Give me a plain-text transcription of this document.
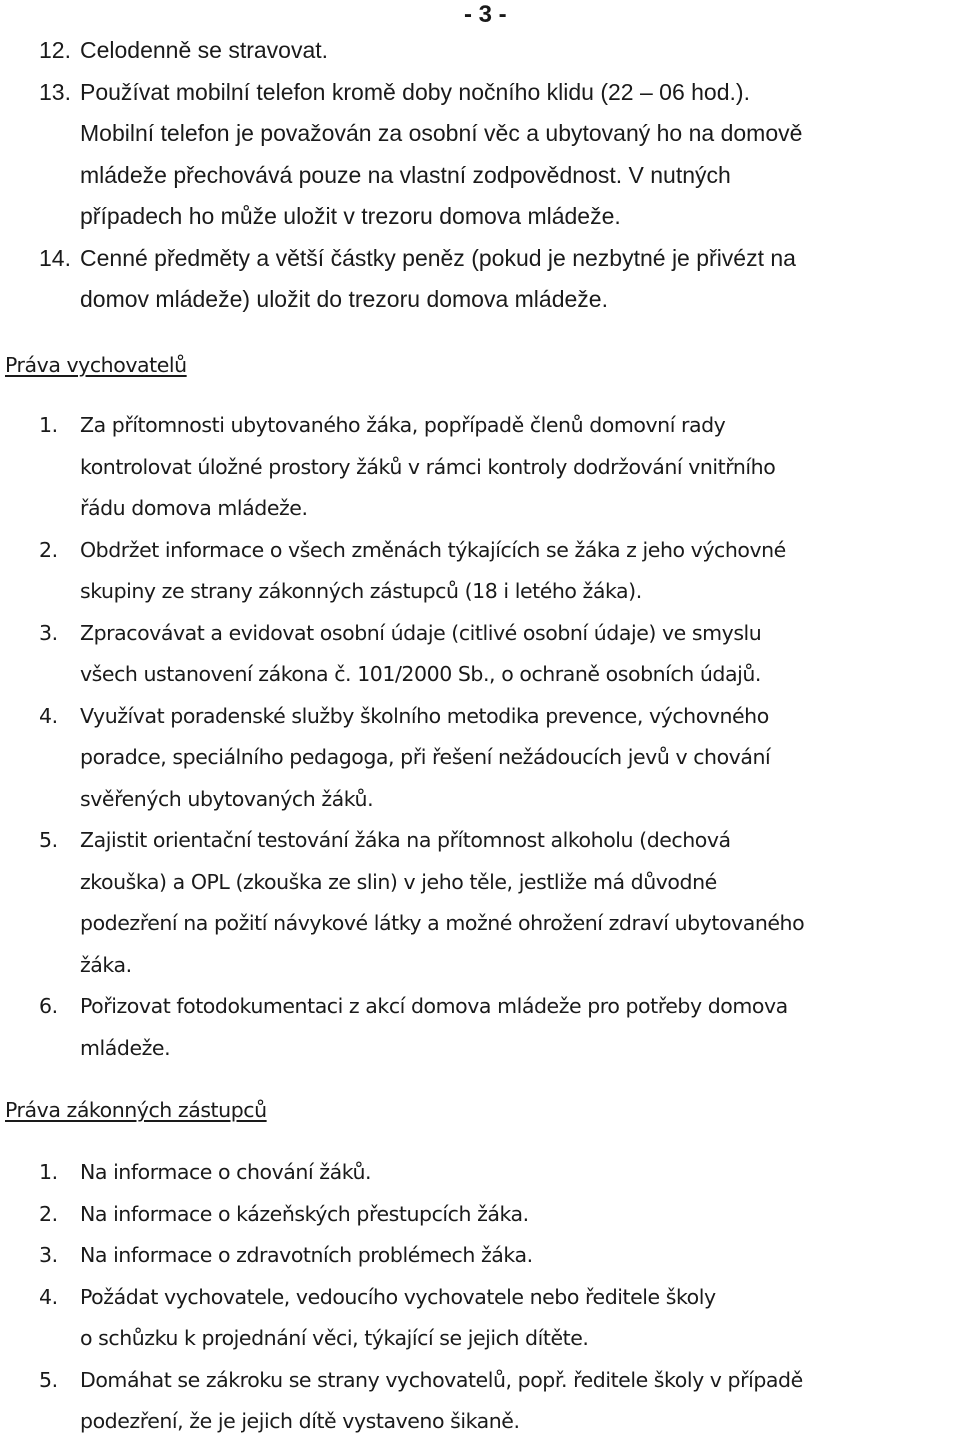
- 3 -
12. Celodenně se stravovat.
13. Používat mobilní telefon kromě doby nočního klidu (22 – 06 hod.).
Mobilní telefon je považován za osobní věc a ubytovaný ho na domově
mládeže přechovává pouze na vlastní zodpovědnost. V nutných
případech ho může uložit v trezoru domova mládeže.
14. Cenné předměty a větší částky peněz (pokud je nezbytné je přivézt na
domov mládeže) uložit do trezoru domova mládeže.
Práva vychovatelů
1. Za přítomnosti ubytovaného žáka, popřípadě členů domovní rady
kontrolovat úložné prostory žáků v rámci kontroly dodržování vnitřního
řádu domova mládeže.
2. Obdržet informace o všech změnách týkajících se žáka z jeho výchovné
skupiny ze strany zákonných zástupců (18 i letého žáka).
3. Zpracovávat a evidovat osobní údaje (citlivé osobní údaje) ve smyslu
všech ustanovení zákona č. 101/2000 Sb., o ochraně osobních údajů.
4. Využívat poradenské služby školního metodika prevence, výchovného
poradce, speciálního pedagoga, při řešení nežádoucích jevů v chování
svěřených ubytovaných žáků.
5. Zajistit orientační testování žáka na přítomnost alkoholu (dechová
zkouška) a OPL (zkouška ze slin) v jeho těle, jestliže má důvodné
podezření na požití návykové látky a možné ohrožení zdraví ubytovaného
žáka.
6. Pořizovat fotodokumentaci z akcí domova mládeže pro potřeby domova
mládeže.
Práva zákonných zástupců
1. Na informace o chování žáků.
2. Na informace o kázeňských přestupcích žáka.
3. Na informace o zdravotních problémech žáka.
4. Požádat vychovatele, vedoucího vychovatele nebo ředitele školy
o schůzku k projednání věci, týkající se jejich dítěte.
5. Domáhat se zákroku se strany vychovatelů, popř. ředitele školy v případě
podezření, že je jejich dítě vystaveno šikaně.
